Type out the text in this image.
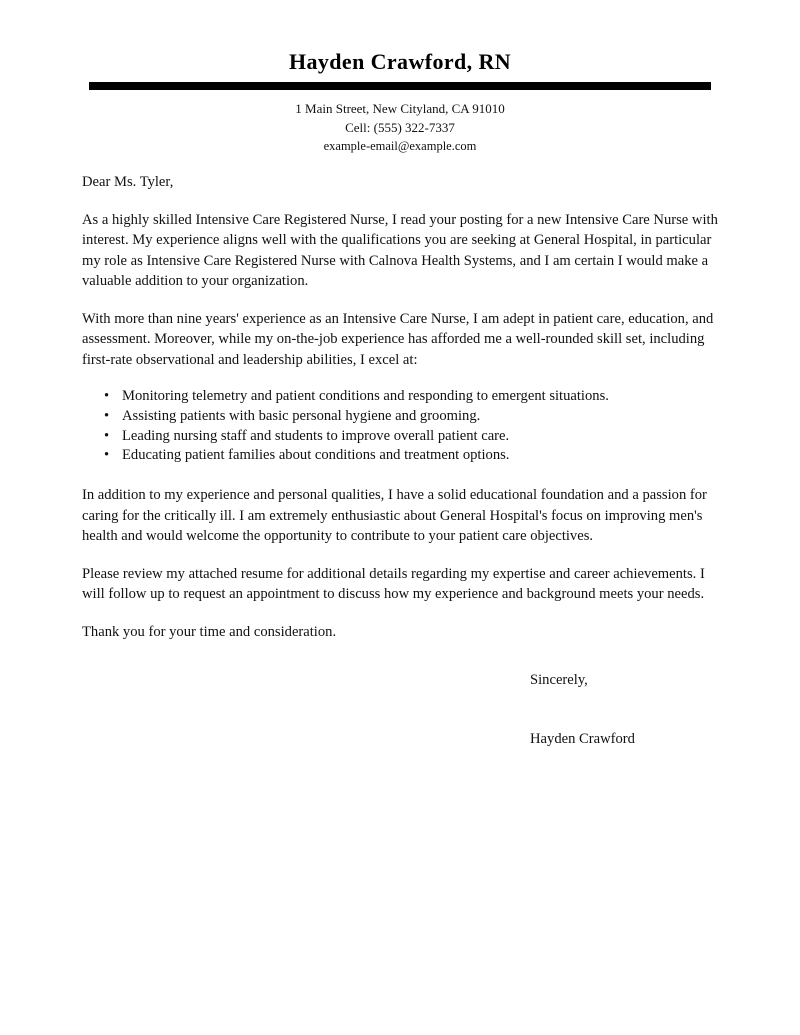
Hayden Crawford, RN
1 Main Street, New Cityland, CA 91010
Cell: (555) 322-7337
example-email@example.com
Dear Ms. Tyler,
As a highly skilled Intensive Care Registered Nurse, I read your posting for a new Intensive Care Nurse with interest. My experience aligns well with the qualifications you are seeking at General Hospital, in particular my role as Intensive Care Registered Nurse with Calnova Health Systems, and I am certain I would make a valuable addition to your organization.
With more than nine years' experience as an Intensive Care Nurse, I am adept in patient care, education, and assessment. Moreover, while my on-the-job experience has afforded me a well-rounded skill set, including first-rate observational and leadership abilities, I excel at:
• Monitoring telemetry and patient conditions and responding to emergent situations.
• Assisting patients with basic personal hygiene and grooming.
• Leading nursing staff and students to improve overall patient care.
• Educating patient families about conditions and treatment options.
In addition to my experience and personal qualities, I have a solid educational foundation and a passion for caring for the critically ill. I am extremely enthusiastic about General Hospital's focus on improving men's health and would welcome the opportunity to contribute to your patient care objectives.
Please review my attached resume for additional details regarding my expertise and career achievements. I will follow up to request an appointment to discuss how my experience and background meets your needs.
Thank you for your time and consideration.
Sincerely,
Hayden Crawford
